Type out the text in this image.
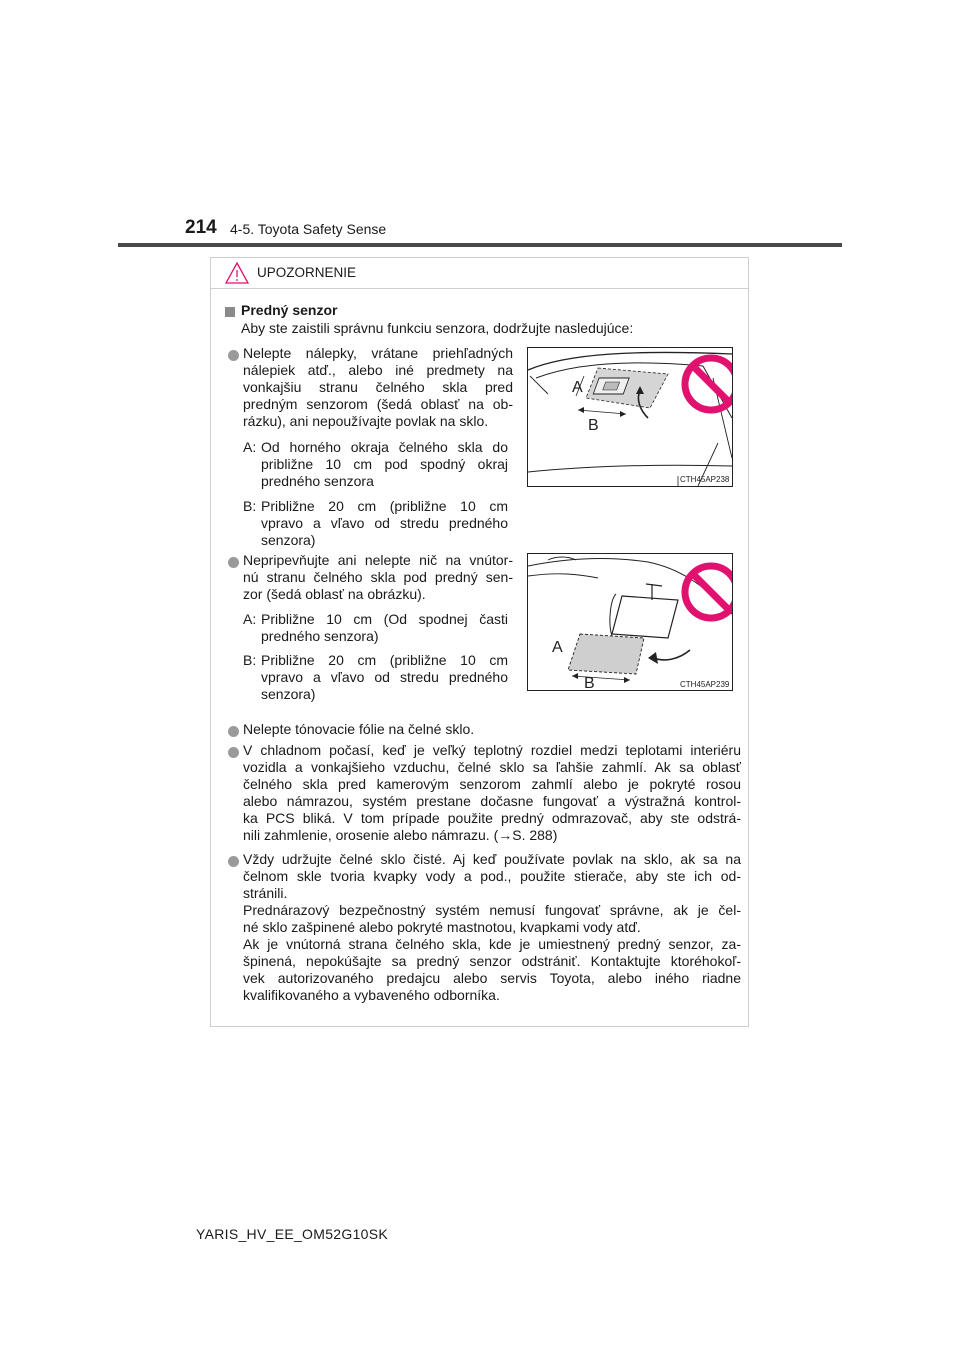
214 4-5. Toyota Safety Sense
UPOZORNENIE
Predný senzor
Aby ste zaistili správnu funkciu senzora, dodržujte nasledujúce:
Nelepte nálepky, vrátane priehľadných
nálepiek atď., alebo iné predmety na
vonkajšiu stranu čelného skla pred
predným senzorom (šedá oblasť na ob-
rázku), ani nepoužívajte povlak na sklo.
A: Od horného okraja čelného skla do
približne 10 cm pod spodný okraj
predného senzora
B: Približne 20 cm (približne 10 cm
vpravo a vľavo od stredu predného
senzora)
A
B
CTH45AP238
Nepripevňujte ani nelepte nič na vnútor-
nú stranu čelného skla pod predný sen-
zor (šedá oblasť na obrázku).
A: Približne 10 cm (Od spodnej časti
predného senzora)
B: Približne 20 cm (približne 10 cm
vpravo a vľavo od stredu predného
senzora)
A
B	CTH45AP239
Nelepte tónovacie fólie na čelné sklo.
V chladnom počasí, keď je veľký teplotný rozdiel medzi teplotami interiéru
vozidla a vonkajšieho vzduchu, čelné sklo sa ľahšie zahmlí. Ak sa oblasť
čelného skla pred kamerovým senzorom zahmlí alebo je pokryté rosou
alebo námrazou, systém prestane dočasne fungovať a výstražná kontrol-
ka PCS bliká. V tom prípade použite predný odmrazovač, aby ste odstrá-
nili zahmlenie, orosenie alebo námrazu. (→S. 288)
Vždy udržujte čelné sklo čisté. Aj keď používate povlak na sklo, ak sa na
čelnom skle tvoria kvapky vody a pod., použite stierače, aby ste ich od-
stránili.
Prednárazový bezpečnostný systém nemusí fungovať správne, ak je čel-
né sklo zašpinené alebo pokryté mastnotou, kvapkami vody atď.
Ak je vnútorná strana čelného skla, kde je umiestnený predný senzor, za-
špinená, nepokúšajte sa predný senzor odstrániť. Kontaktujte ktoréhokoľ-
vek autorizovaného predajcu alebo servis Toyota, alebo iného riadne
kvalifikovaného a vybaveného odborníka.
YARIS_HV_EE_OM52G10SK
